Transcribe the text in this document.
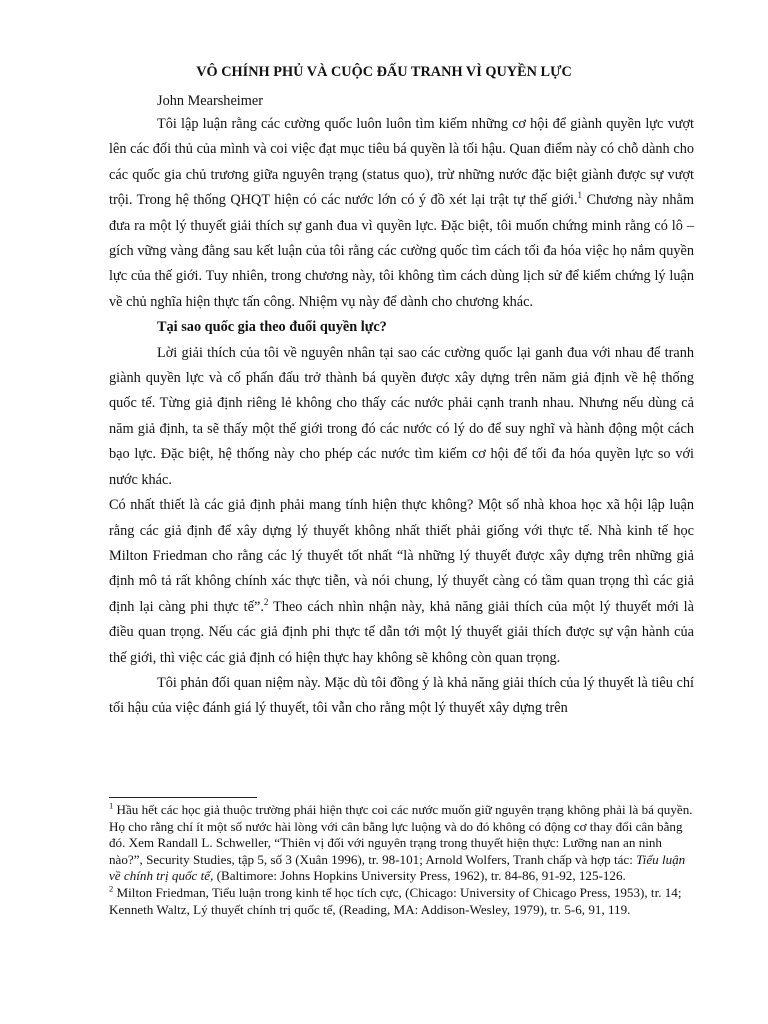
VÔ CHÍNH PHỦ VÀ CUỘC ĐẤU TRANH VÌ QUYỀN LỰC
John Mearsheimer

Tôi lập luận rằng các cường quốc luôn luôn tìm kiếm những cơ hội để giành quyền lực vượt lên các đối thủ của mình và coi việc đạt mục tiêu bá quyền là tối hậu. Quan điểm này có chỗ dành cho các quốc gia chủ trương giữa nguyên trạng (status quo), trừ những nước đặc biệt giành được sự vượt trội. Trong hệ thống QHQT hiện có các nước lớn có ý đồ xét lại trật tự thế giới.$^1$ Chương này nhằm đưa ra một lý thuyết giải thích sự ganh đua vì quyền lực. Đặc biệt, tôi muốn chứng minh rằng có lô – gích vững vàng đằng sau kết luận của tôi rằng các cường quốc tìm cách tối đa hóa việc họ nắm quyền lực của thế giới. Tuy nhiên, trong chương này, tôi không tìm cách dùng lịch sử để kiểm chứng lý luận về chủ nghĩa hiện thực tấn công. Nhiệm vụ này để dành cho chương khác.

Tại sao quốc gia theo đuổi quyền lực?

Lời giải thích của tôi về nguyên nhân tại sao các cường quốc lại ganh đua với nhau để tranh giành quyền lực và cố phấn đấu trở thành bá quyền được xây dựng trên năm giả định về hệ thống quốc tế. Từng giả định riêng lẻ không cho thấy các nước phải cạnh tranh nhau. Nhưng nếu dùng cả năm giả định, ta sẽ thấy một thế giới trong đó các nước có lý do để suy nghĩ và hành động một cách bạo lực. Đặc biệt, hệ thống này cho phép các nước tìm kiếm cơ hội để tối đa hóa quyền lực so với nước khác.

Có nhất thiết là các giả định phải mang tính hiện thực không? Một số nhà khoa học xã hội lập luận rằng các giả định để xây dựng lý thuyết không nhất thiết phải giống với thực tế. Nhà kinh tế học Milton Friedman cho rằng các lý thuyết tốt nhất “là những lý thuyết được xây dựng trên những giả định mô tả rất không chính xác thực tiễn, và nói chung, lý thuyết càng có tầm quan trọng thì các giả định lại càng phi thực tế”.$^2$ Theo cách nhìn nhận này, khả năng giải thích của một lý thuyết mới là điều quan trọng. Nếu các giả định phi thực tế dẫn tới một lý thuyết giải thích được sự vận hành của thế giới, thì việc các giả định có hiện thực hay không sẽ không còn quan trọng.

Tôi phản đối quan niệm này. Mặc dù tôi đồng ý là khả năng giải thích của lý thuyết là tiêu chí tối hậu của việc đánh giá lý thuyết, tôi vẫn cho rằng một lý thuyết xây dựng trên

$^1$ Hầu hết các học giả thuộc trường phái hiện thực coi các nước muốn giữ nguyên trạng không phải là bá quyền. Họ cho rằng chí ít một số nước hài lòng với cân bằng lực luộng và do đó không có động cơ thay đổi cân bằng đó. Xem Randall L. Schweller, “Thiên vị đối với nguyên trạng trong thuyết hiện thực: Lưỡng nan an ninh nào?”, Security Studies, tập 5, số 3 (Xuân 1996), tr. 98-101; Arnold Wolfers, Tranh chấp và hợp tác: Tiểu luận về chính trị quốc tế, (Baltimore: Johns Hopkins University Press, 1962), tr. 84-86, 91-92, 125-126.

$^2$ Milton Friedman, Tiểu luận trong kinh tế học tích cực, (Chicago: University of Chicago Press, 1953), tr. 14; Kenneth Waltz, Lý thuyết chính trị quốc tế, (Reading, MA: Addison-Wesley, 1979), tr. 5-6, 91, 119.
